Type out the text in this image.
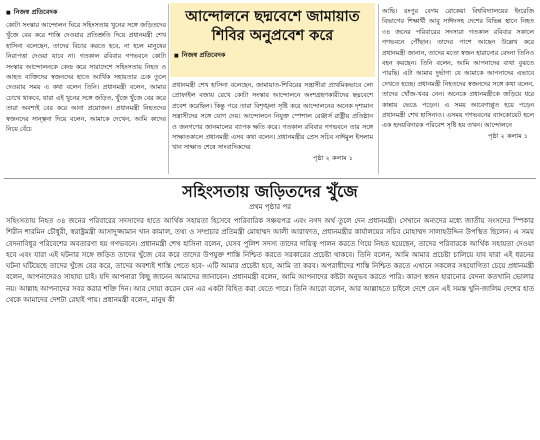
■ নিজস্ব প্রতিবেদক

কোটা সংস্কার আন্দোলন ঘিরে সহিংসতায় খুনের সঙ্গে জড়িতদের খুঁজে বের করে শাস্তি দেওয়ার প্রতিশ্রুতি দিয়ে প্রধানমন্ত্রী শেখ হাসিনা বলেছেন, তাদের বিচার করতে হবে, না হলে মানুষের নিরাপত্তা দেওয়া যাবে না। গতকাল রবিবার গণভবনে কোটা সংস্কার আন্দোলনকে কেন্দ্র করে সারাদেশে সহিংসতায় নিহত ও আহত ব্যক্তিদের স্বজনদের হাতে আর্থিক সহায়তার চেক তুলে দেওয়ার সময় এ কথা বলেন তিনি। প্রধানমন্ত্রী বলেন, আমার চোখে থাকবে, যারা এই খুনের সঙ্গে জড়িত, খুঁজে খুঁজে বের করে তারা অবশ্যই বের করে আনা প্রয়োজন। প্রধানমন্ত্রী নিহতদের স্বজনদের সান্ত্বনা দিয়ে বলেন, আমাকে দেখেন, আমি কাদের নিয়ে বেঁচে

আন্দোলনে ছদ্মবেশে জামায়াত শিবির অনুপ্রবেশ করে
■ নিজস্ব প্রতিবেদক

প্রধানমন্ত্রী শেখ হাসিনা বলেছেন, জামায়াত-শিবিরের সন্ত্রাসীরা প্রাথমিকভাবে লো প্রোফাইল বজায় রেখে কোটা সংস্কার আন্দোলনে অংশগ্রহণকারীদের ছদ্মবেশে প্রবেশ করেছিল। কিন্তু পরে তারা বিশৃঙ্খলা সৃষ্টি করে আন্দোলনের অনেক দৃশ্যমান সন্ত্রাসীদের সঙ্গে যোগ দেয়। আন্দোলনে নিযুক্ত স্পেশাল রেঞ্জার্স রাষ্ট্রীয় প্রতিষ্ঠান ও জনগণের জানমালের ব্যাপক ক্ষতি করে। গতকাল রবিবার গণভবনে তার সঙ্গে সাক্ষাতকালে প্রধানমন্ত্রী এসব কথা বলেন। প্রধানমন্ত্রীর প্রেস সচিব নাঈমুল ইসলাম খান সাক্ষাত শেষে সাংবাদিকদের

পৃষ্ঠা ২ কলাম ১

আছি। রংপুর বেগম রোকেয়া বিশ্ববিদ্যালয়ের ইংরেজি বিভাগের শিক্ষার্থী আবু সাঈদসহ দেশের বিভিন্ন স্থানে নিহত ৩৪ জনের পরিবারের সদস্যরা গতকাল রবিবার সকালে গণভবনে পৌঁছান। তাদের পাশে আছেন উল্লেখ করে প্রধানমন্ত্রী জানান, তাদের মতো স্বজন হারানোর বেদনা তিনিও বহন করছেন। তিনি বলেন, আমি আপনাদের ব্যথা বুঝতে পারছি। এটা আমার দুর্ভাগ্য যে আমাকে আপনাদের এভাবে দেখতে হচ্ছে। প্রধানমন্ত্রী নিহতদের স্বজনদের সঙ্গে কথা বলেন, তাদের খোঁজ-খবর নেন। অনেকে প্রধানমন্ত্রীকে জড়িয়ে ধরে কান্নায় ভেঙে পড়েন। এ সময় আবেগাপ্লুত হয়ে পড়েন প্রধানমন্ত্রী শেখ হাসিনাও। এসময় গণভবনের ব্যাংকোয়েট হলে এক হৃদয়বিদারক পরিবেশ সৃষ্টি হয় তখন। আন্দোলনে

পৃষ্ঠা ২ কলাম ১
সহিংসতায় জড়িতদের খুঁজে
প্রথম পৃষ্ঠার পর

সহিংসতায় নিহত ৩৪ জনের পরিবারের সদস্যদের হাতে আর্থিক সহায়তা হিসেবে পারিবারিক সঞ্চয়পত্র এবং নগদ অর্থ তুলে দেন প্রধানমন্ত্রী। সেখানে অন্যদের মধ্যে জাতীয় সংসদের স্পিকার শিরীন শারমিন চৌধুরী, স্বরাষ্ট্রমন্ত্রী আসাদুজ্জামান খান কামাল, তথ্য ও সম্প্রচার প্রতিমন্ত্রী মোহাম্মদ আলী আরাফাত, প্রধানমন্ত্রীর কার্যালয়ের সচিব মোহাম্মদ সালাহউদ্দিন উপস্থিত ছিলেন। এ সময় বেদনাবিধুর পরিবেশের অবতারণা হয় গণভবনে। প্রধানমন্ত্রী শেখ হাসিনা বলেন, যেসব পুলিশ সদস্য তাদের দায়িত্ব পালন করতে গিয়ে নিহত হয়েছেন, তাদের পরিবারকে আর্থিক সহায়তা দেওয়া হবে এবং যারা এই ঘটনার সঙ্গে জড়িত তাদের খুঁজে বের করে তাদের উপযুক্ত শাস্তি নিশ্চিত করতে সরকারের প্রচেষ্টা থাকবে। তিনি বলেন, আমি আমার প্রচেষ্টা চালিয়ে যাব যারা এই ধরনের ঘটনা ঘটিয়েছে তাদের খুঁজে বের করে, তাদের অবশ্যই শাস্তি পেতে হবে- এটি আমার প্রচেষ্টা হবে, আমি তা করব। অপরাধীদের শাস্তি নিশ্চিত করতে এখানে সকলের সহযোগিতা চেয়ে প্রধানমন্ত্রী বলেন, আপনাদেরও সাহায্য চাই। যদি আপনারা কিছু জানেন আমাদের জানাবেন। প্রধানমন্ত্রী বলেন, আমি আপনাদের কষ্টটা অনুভব করতে পারি। কারণ স্বজন হারানোর বেদনা কতখানি ভোলার নয়। আল্লাহ আপনাদের সবর করার শক্তি দিন। আর দোয়া করেন যেন এর একটা বিহিত করা যেতে পারে। তিনি আরো বলেন, আর আল্লাহতে চাইলে দেশে যেন এই সমস্ত খুনি-জালিম দেশের হাত থেকে আমাদের দেশটা রেহাই পায়। প্রধানমন্ত্রী বলেন, মানুষ কী
